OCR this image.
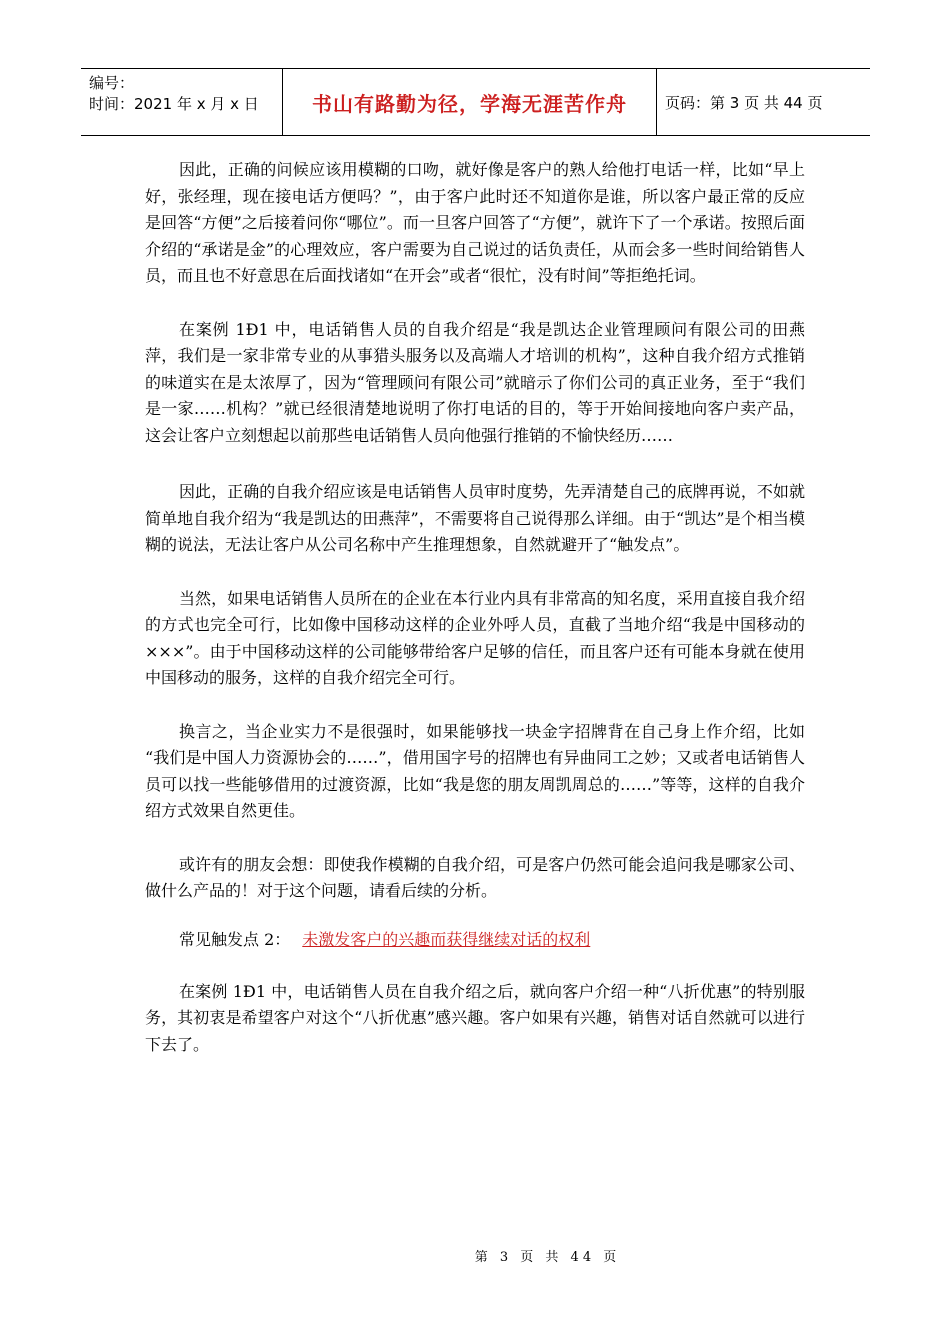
编号：
时间：2021 年 x 月 x 日	书山有路勤为径，学海无涯苦作舟	页码：第 3 页 共 44 页

因此，正确的问候应该用模糊的口吻，就好像是客户的熟人给他打电话一样，比如“早上好，张经理，现在接电话方便吗？”，由于客户此时还不知道你是谁，所以客户最正常的反应是回答“方便”之后接着问你“哪位”。而一旦客户回答了“方便”，就许下了一个承诺。按照后面介绍的“承诺是金”的心理效应，客户需要为自己说过的话负责任，从而会多一些时间给销售人员，而且也不好意思在后面找诸如“在开会”或者“很忙，没有时间”等拒绝托词。

在案例 1Ð1 中，电话销售人员的自我介绍是“我是凯达企业管理顾问有限公司的田燕萍，我们是一家非常专业的从事猎头服务以及高端人才培训的机构”，这种自我介绍方式推销的味道实在是太浓厚了，因为“管理顾问有限公司”就暗示了你们公司的真正业务，至于“我们是一家……机构？”就已经很清楚地说明了你打电话的目的，等于开始间接地向客户卖产品，这会让客户立刻想起以前那些电话销售人员向他强行推销的不愉快经历……

因此，正确的自我介绍应该是电话销售人员审时度势，先弄清楚自己的底牌再说，不如就简单地自我介绍为“我是凯达的田燕萍”，不需要将自己说得那么详细。由于“凯达”是个相当模糊的说法，无法让客户从公司名称中产生推理想象，自然就避开了“触发点”。

当然，如果电话销售人员所在的企业在本行业内具有非常高的知名度，采用直接自我介绍的方式也完全可行，比如像中国移动这样的企业外呼人员，直截了当地介绍“我是中国移动的×××”。由于中国移动这样的公司能够带给客户足够的信任，而且客户还有可能本身就在使用中国移动的服务，这样的自我介绍完全可行。

换言之，当企业实力不是很强时，如果能够找一块金字招牌背在自己身上作介绍，比如 “我们是中国人力资源协会的……”，借用国字号的招牌也有异曲同工之妙；又或者电话销售人员可以找一些能够借用的过渡资源，比如“我是您的朋友周凯周总的……”等等，这样的自我介绍方式效果自然更佳。

或许有的朋友会想：即使我作模糊的自我介绍，可是客户仍然可能会追问我是哪家公司、做什么产品的！对于这个问题，请看后续的分析。

常见触发点 2： 未激发客户的兴趣而获得继续对话的权利

在案例 1Ð1 中，电话销售人员在自我介绍之后，就向客户介绍一种“八折优惠”的特别服务，其初衷是希望客户对这个“八折优惠”感兴趣。客户如果有兴趣，销售对话自然就可以进行下去了。

第 3 页 共 44 页
